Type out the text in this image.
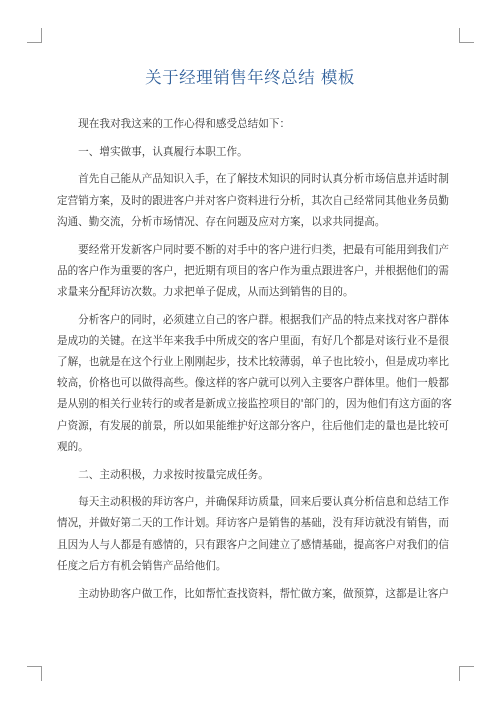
关于经理销售年终总结 模板
　　现在我对我这来的工作心得和感受总结如下：
　　一、增实做事，认真履行本职工作。
　　首先自己能从产品知识入手，在了解技术知识的同时认真分析市场信息并适时制
定营销方案，及时的跟进客户并对客户资料进行分析，其次自己经常同其他业务员勤
沟通、勤交流，分析市场情况、存在问题及应对方案，以求共同提高。
　　要经常开发新客户同时要不断的对手中的客户进行归类，把最有可能用到我们产
品的客户作为重要的客户，把近期有项目的客户作为重点跟进客户，并根据他们的需
求量来分配拜访次数。力求把单子促成，从而达到销售的目的。
　　分析客户的同时，必须建立自己的客户群。根据我们产品的特点来找对客户群体
是成功的关键。在这半年来我手中所成交的客户里面，有好几个都是对该行业不是很
了解，也就是在这个行业上刚刚起步，技术比较薄弱，单子也比较小，但是成功率比
较高，价格也可以做得高些。像这样的客户就可以列入主要客户群体里。他们一般都
是从别的相关行业转行的或者是新成立接监控项目的'部门的，因为他们有这方面的客
户资源，有发展的前景，所以如果能维护好这部分客户，往后他们走的量也是比较可
观的。
　　二、主动积极，力求按时按量完成任务。
　　每天主动积极的拜访客户，并确保拜访质量，回来后要认真分析信息和总结工作
情况，并做好第二天的工作计划。拜访客户是销售的基础，没有拜访就没有销售，而
且因为人与人都是有感情的，只有跟客户之间建立了感情基础，提高客户对我们的信
任度之后方有机会销售产品给他们。
　　主动协助客户做工作，比如帮忙查找资料，帮忙做方案，做预算，这都是让客户
